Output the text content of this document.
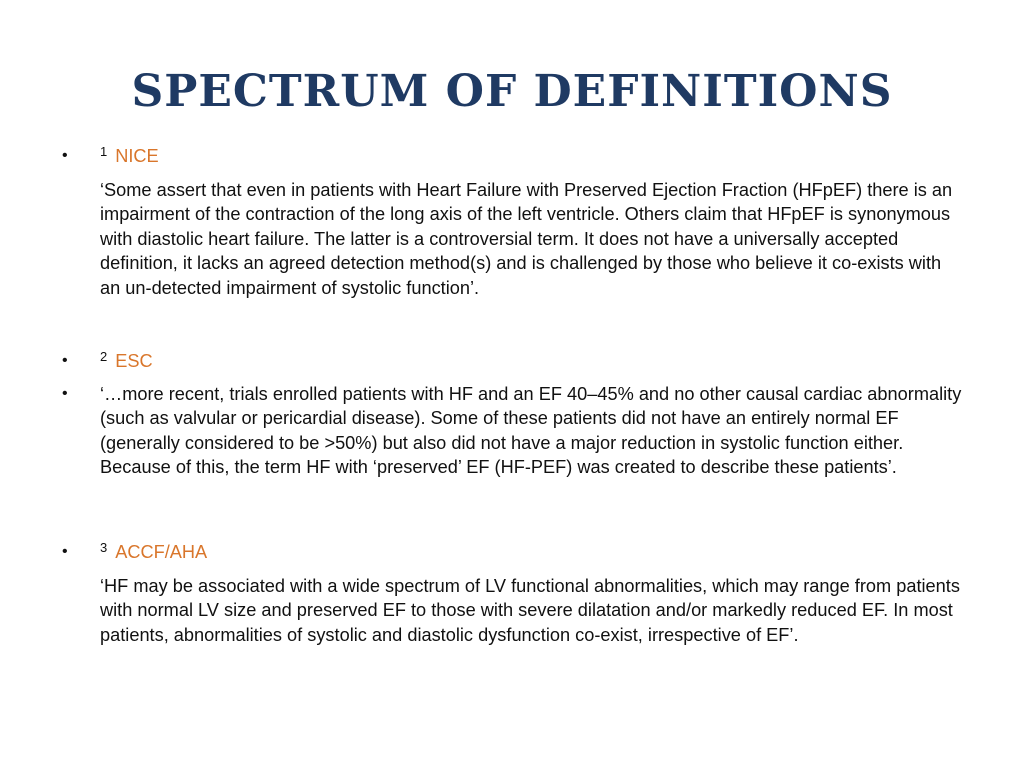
SPECTRUM OF DEFINITIONS
• $^1$ NICE
‘Some assert that even in patients with Heart Failure with Preserved Ejection Fraction (HFpEF) there is an impairment of the contraction of the long axis of the left ventricle. Others claim that HFpEF is synonymous with diastolic heart failure. The latter is a controversial term. It does not have a universally accepted definition, it lacks an agreed detection method(s) and is challenged by those who believe it co-exists with an un-detected impairment of systolic function’.
• $^2$ ESC
• ‘…more recent, trials enrolled patients with HF and an EF 40–45% and no other causal cardiac abnormality (such as valvular or pericardial disease). Some of these patients did not have an entirely normal EF (generally considered to be >50%) but also did not have a major reduction in systolic function either. Because of this, the term HF with ‘preserved’ EF (HF-PEF) was created to describe these patients’.
• $^3$ ACCF/AHA
‘HF may be associated with a wide spectrum of LV functional abnormalities, which may range from patients with normal LV size and preserved EF to those with severe dilatation and/or markedly reduced EF. In most patients, abnormalities of systolic and diastolic dysfunction co-exist, irrespective of EF’.
